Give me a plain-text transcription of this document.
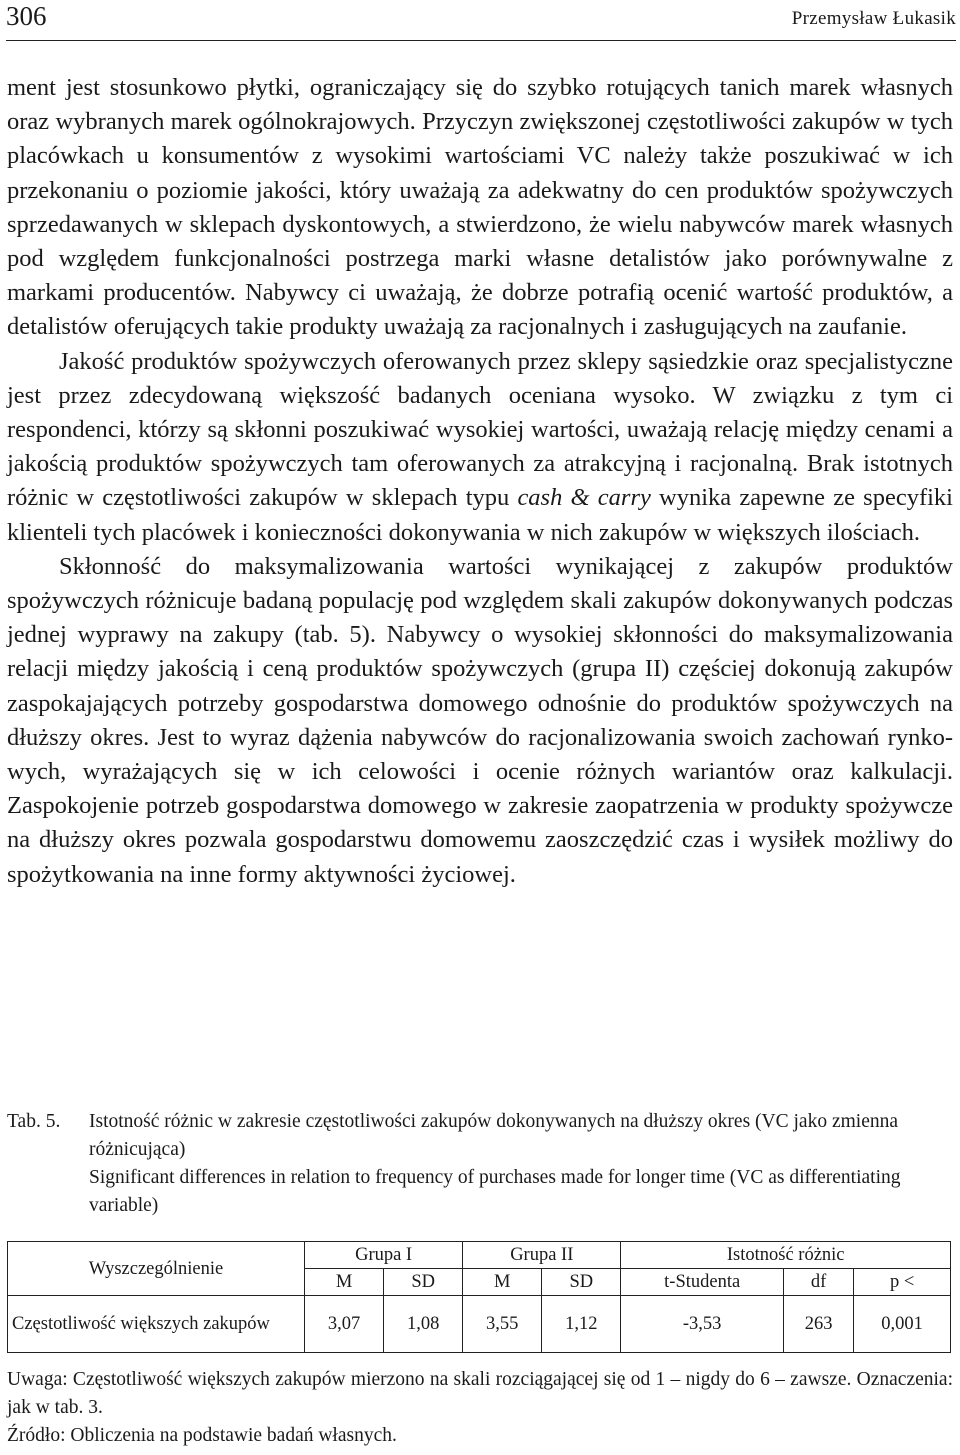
306	Przemysław Łukasik

ment jest stosunkowo płytki, ograniczający się do szybko rotujących tanich marek własnych oraz wybranych marek ogólnokrajowych. Przyczyn zwiększonej częstotliwości zakupów w tych placówkach u konsumentów z wysokimi wartościami VC należy także poszukiwać w ich przekonaniu o poziomie jakości, który uważają za adekwatny do cen produktów spożywczych sprzedawanych w sklepach dyskontowych, a stwierdzono, że wielu nabywców marek własnych pod względem funkcjonalności postrzega marki własne detalistów jako porównywalne z markami producentów. Nabywcy ci uważają, że dobrze potrafią ocenić wartość produktów, a detalistów oferujących takie produkty uważają za racjonalnych i zasługujących na zaufanie.

Jakość produktów spożywczych oferowanych przez sklepy sąsiedzkie oraz specjalistyczne jest przez zdecydowaną większość badanych oceniana wysoko. W związku z tym ci respondenci, którzy są skłonni poszukiwać wysokiej wartości, uważają relację między cenami a jakością produktów spożywczych tam oferowanych za atrakcyjną i racjonalną. Brak istotnych różnic w częstotliwości zakupów w sklepach typu cash & carry wynika zapewne ze specyfiki klienteli tych placówek i konieczności dokonywania w nich zakupów w większych ilościach.

Skłonność do maksymalizowania wartości wynikającej z zakupów produktów spożywczych różnicuje badaną populację pod względem skali zakupów dokonywanych podczas jednej wyprawy na zakupy (tab. 5). Nabywcy o wysokiej skłonności do maksymalizowania relacji między jakością i ceną produktów spożywczych (grupa II) częściej dokonują zakupów zaspokajających potrzeby gospodarstwa domowego odnośnie do produktów spożywczych na dłuższy okres. Jest to wyraz dążenia nabywców do racjonalizowania swoich zachowań rynkowych, wyrażających się w ich celowości i ocenie różnych wariantów oraz kalkulacji. Zaspokojenie potrzeb gospodarstwa domowego w zakresie zaopatrzenia w produkty spożywcze na dłuższy okres pozwala gospodarstwu domowemu zaoszczędzić czas i wysiłek możliwy do spożytkowania na inne formy aktywności życiowej.

Tab. 5.	Istotność różnic w zakresie częstotliwości zakupów dokonywanych na dłuższy okres (VC jako zmienna różnicująca)
Significant differences in relation to frequency of purchases made for longer time (VC as differentiating variable)
Wyszczególnienie	Grupa I		Grupa II		Istotność różnic		
	M	SD	M	SD	t-Studenta	df	p <
Częstotliwość większych zakupów	3,07	1,08	3,55	1,12	-3,53	263	0,001

Uwaga: Częstotliwość większych zakupów mierzono na skali rozciągającej się od 1 – nigdy do 6 – zawsze. Oznaczenia: jak w tab. 3.

Źródło: Obliczenia na podstawie badań własnych.
